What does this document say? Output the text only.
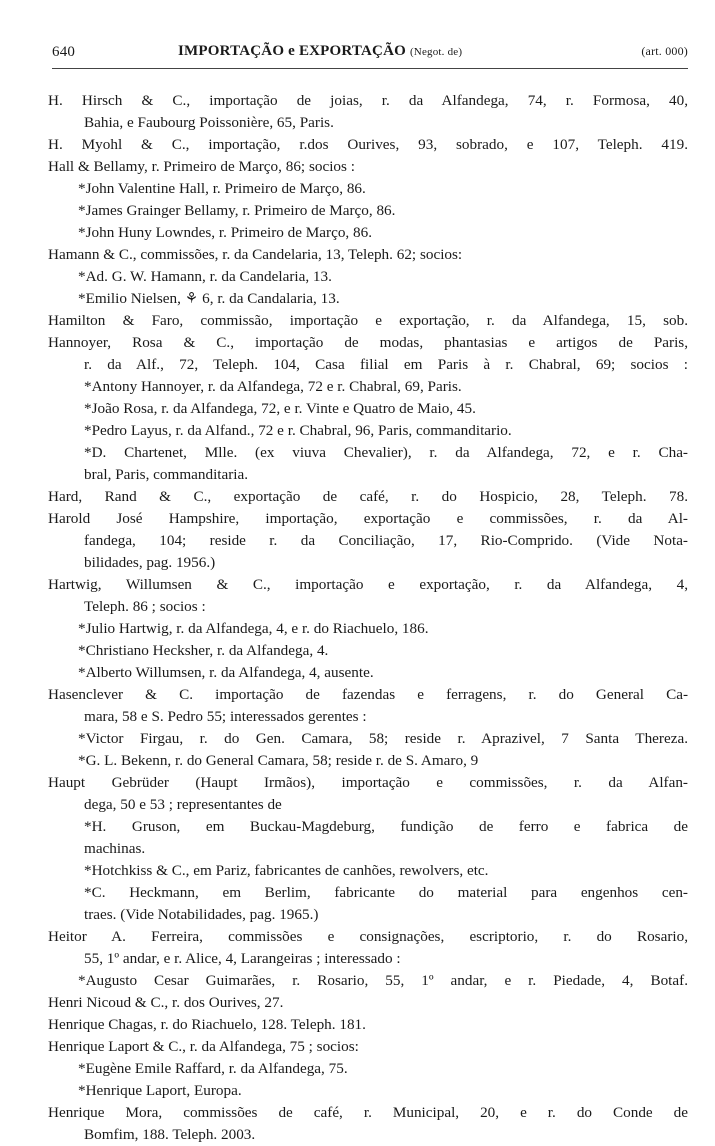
640	IMPORTAÇÃO e EXPORTAÇÃO (Negot. de)	(art. 000)
H. Hirsch & C., importação de joias, r. da Alfandega, 74, r. Formosa, 40,
Bahia, e Faubourg Poissonière, 65, Paris.
H. Myohl & C., importação, r.dos Ourives, 93, sobrado, e 107, Teleph. 419.
Hall & Bellamy, r. Primeiro de Março, 86; socios :
*John Valentine Hall, r. Primeiro de Março, 86.
*James Grainger Bellamy, r. Primeiro de Março, 86.
*John Huny Lowndes, r. Primeiro de Março, 86.
Hamann & C., commissões, r. da Candelaria, 13, Teleph. 62; socios:
*Ad. G. W. Hamann, r. da Candelaria, 13.
*Emilio Nielsen, ⚘ 6, r. da Candalaria, 13.
Hamilton & Faro, commissão, importação e exportação, r. da Alfandega, 15, sob.
Hannoyer, Rosa & C., importação de modas, phantasias e artigos de Paris,
r. da Alf., 72, Teleph. 104, Casa filial em Paris à r. Chabral, 69; socios :
*Antony Hannoyer, r. da Alfandega, 72 e r. Chabral, 69, Paris.
*João Rosa, r. da Alfandega, 72, e r. Vinte e Quatro de Maio, 45.
*Pedro Layus, r. da Alfand., 72 e r. Chabral, 96, Paris, commanditario.
*D. Chartenet, Mlle. (ex viuva Chevalier), r. da Alfandega, 72, e r. Cha-
bral, Paris, commanditaria.
Hard, Rand & C., exportação de café, r. do Hospicio, 28, Teleph. 78.
Harold José Hampshire, importação, exportação e commissões, r. da Al-
fandega, 104; reside r. da Conciliação, 17, Rio-Comprido. (Vide Nota-
bilidades, pag. 1956.)
Hartwig, Willumsen & C., importação e exportação, r. da Alfandega, 4,
Teleph. 86 ; socios :
*Julio Hartwig, r. da Alfandega, 4, e r. do Riachuelo, 186.
*Christiano Hecksher, r. da Alfandega, 4.
*Alberto Willumsen, r. da Alfandega, 4, ausente.
Hasenclever & C. importação de fazendas e ferragens, r. do General Ca-
mara, 58 e S. Pedro 55; interessados gerentes :
*Victor Firgau, r. do Gen. Camara, 58; reside r. Aprazivel, 7 Santa Thereza.
*G. L. Bekenn, r. do General Camara, 58; reside r. de S. Amaro, 9
Haupt Gebrüder (Haupt Irmãos), importação e commissões, r. da Alfan-
dega, 50 e 53 ; representantes de
*H. Gruson, em Buckau-Magdeburg, fundição de ferro e fabrica de
machinas.
*Hotchkiss & C., em Pariz, fabricantes de canhões, rewolvers, etc.
*C. Heckmann, em Berlim, fabricante do material para engenhos cen-
traes. (Vide Notabilidades, pag. 1965.)
Heitor A. Ferreira, commissões e consignações, escriptorio, r. do Rosario,
55, 1º andar, e r. Alice, 4, Larangeiras ; interessado :
*Augusto Cesar Guimarães, r. Rosario, 55, 1º andar, e r. Piedade, 4, Botaf.
Henri Nicoud & C., r. dos Ourives, 27.
Henrique Chagas, r. do Riachuelo, 128. Teleph. 181.
Henrique Laport & C., r. da Alfandega, 75 ; socios:
*Eugène Emile Raffard, r. da Alfandega, 75.
*Henrique Laport, Europa.
Henrique Mora, commissões de café, r. Municipal, 20, e r. do Conde de
Bomfim, 188. Teleph. 2003.
